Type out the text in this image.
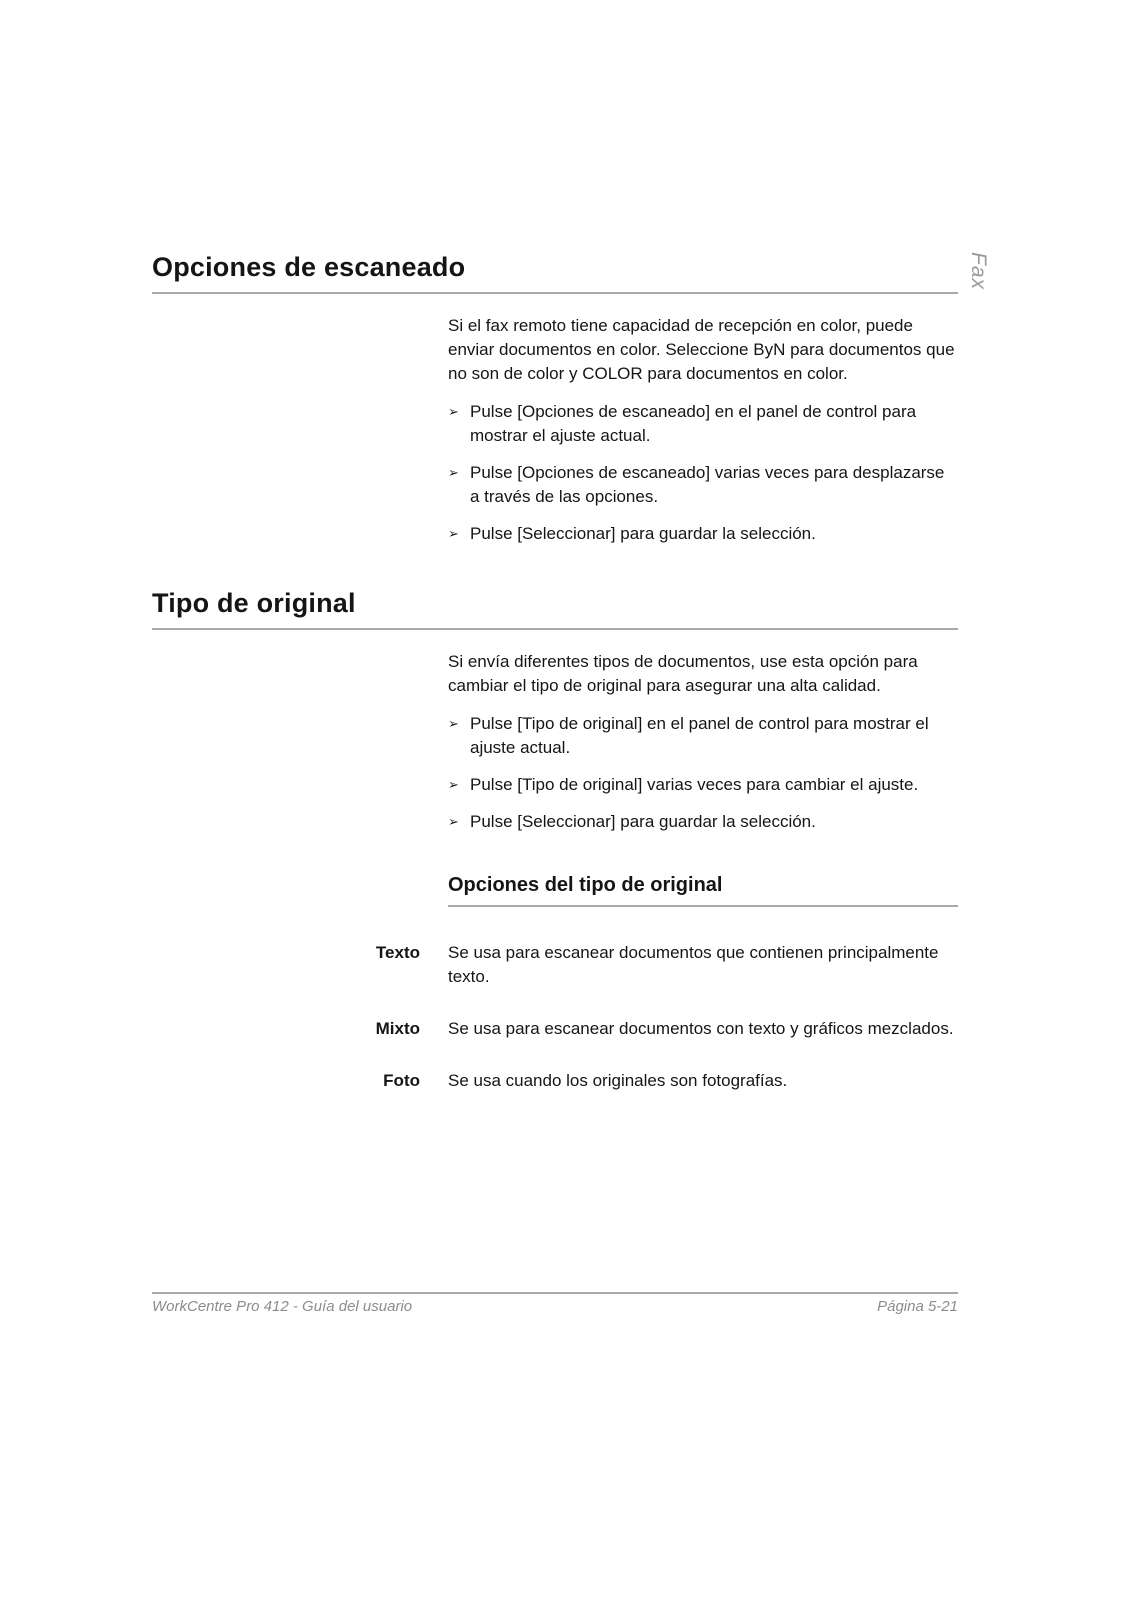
Fax
Opciones de escaneado

Si el fax remoto tiene capacidad de recepción en color, puede enviar documentos en color. Seleccione ByN para documentos que no son de color y COLOR para documentos en color.

➢ Pulse [Opciones de escaneado] en el panel de control para mostrar el ajuste actual.
➢ Pulse [Opciones de escaneado] varias veces para desplazarse a través de las opciones.
➢ Pulse [Seleccionar] para guardar la selección.
Tipo de original

Si envía diferentes tipos de documentos, use esta opción para cambiar el tipo de original para asegurar una alta calidad.

➢ Pulse [Tipo de original] en el panel de control para mostrar el ajuste actual.
➢ Pulse [Tipo de original] varias veces para cambiar el ajuste.
➢ Pulse [Seleccionar] para guardar la selección.
Opciones del tipo de original
Texto Se usa para escanear documentos que contienen principalmente texto.
Mixto Se usa para escanear documentos con texto y gráficos mezclados.
Foto Se usa cuando los originales son fotografías.
WorkCentre Pro 412 - Guía del usuario	Página 5-21
